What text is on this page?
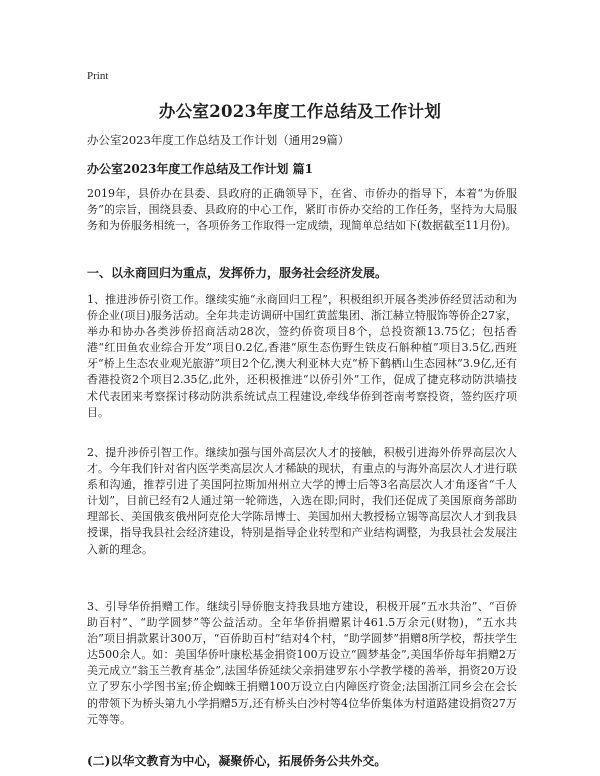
Print
办公室2023年度工作总结及工作计划
办公室2023年度工作总结及工作计划（通用29篇）
办公室2023年度工作总结及工作计划 篇1

2019年，县侨办在县委、县政府的正确领导下，在省、市侨办的指导下，本着“为侨服务”的宗旨，围绕县委、县政府的中心工作，紧盯市侨办交给的工作任务，坚持为大局服务和为侨服务相统一，各项侨务工作取得一定成绩，现简单总结如下(数据截至11月份)。

一、以永商回归为重点，发挥侨力，服务社会经济发展。

1、推进涉侨引资工作。继续实施“永商回归工程”，积极组织开展各类涉侨经贸活动和为侨企业(项目)服务活动。全年共走访调研中国红黄蓝集团、浙江赫立特服饰等侨企27家，举办和协办各类涉侨招商活动28次，签约侨资项目8个，总投资额13.75亿；包括香港“红田鱼农业综合开发”项目0.2亿,香港“原生态伤野生铁皮石斛种植”项目3.5亿,西班牙“桥上生态农业观光旅游”项目2个亿,澳大利亚林大克“桥下鹤栖山生态园林”3.9亿,还有香港投资2个项目2.35亿,此外，还积极推进“以侨引外”工作，促成了捷克移动防洪墙技术代表团来考察探讨移动防洪系统试点工程建设,牵线华侨到苍南考察投资，签约医疗项目。

2、提升涉侨引智工作。继续加强与国外高层次人才的接触，积极引进海外侨界高层次人才。今年我们针对省内医学类高层次人才稀缺的现状，有重点的与海外高层次人才进行联系和沟通，推荐引进了美国阿拉斯加州州立大学的博士后等3名高层次人才角逐省“千人计划”，目前已经有2人通过第一轮筛选，入选在即;同时，我们还促成了美国原商务部助理部长、美国俄亥俄州阿克伦大学陈昂博士、美国加州大教授杨立锡等高层次人才到我县授课，指导我县社会经济建设，特别是指导企业转型和产业结构调整，为我县社会发展注入新的理念。

3、引导华侨捐赠工作。继续引导侨胞支持我县地方建设，积极开展“五水共治”、“百侨助百村”、“助学圆梦”等公益活动。全年华侨捐赠累计461.5万余元(财物)，“五水共治”项目捐款累计300万，“百侨助百村”结对4个村，“助学圆梦”捐赠8所学校，帮扶学生达500余人。如：美国华侨叶康松基金捐资100万设立“圆梦基金”,美国华侨每年捐赠2万美元成立“翁玉兰教育基金”,法国华侨延续父亲捐建罗东小学教学楼的善举，捐资20万设立了罗东小学图书室;侨企蜘蛛王捐赠100万设立白内障医疗资金;法国浙江同乡会在会长的带领下为桥头第九小学捐赠5万,还有桥头白沙村等4位华侨集体为村道路建设捐资27万元等等。

(二)以华文教育为中心，凝聚侨心，拓展侨务公共外交。
